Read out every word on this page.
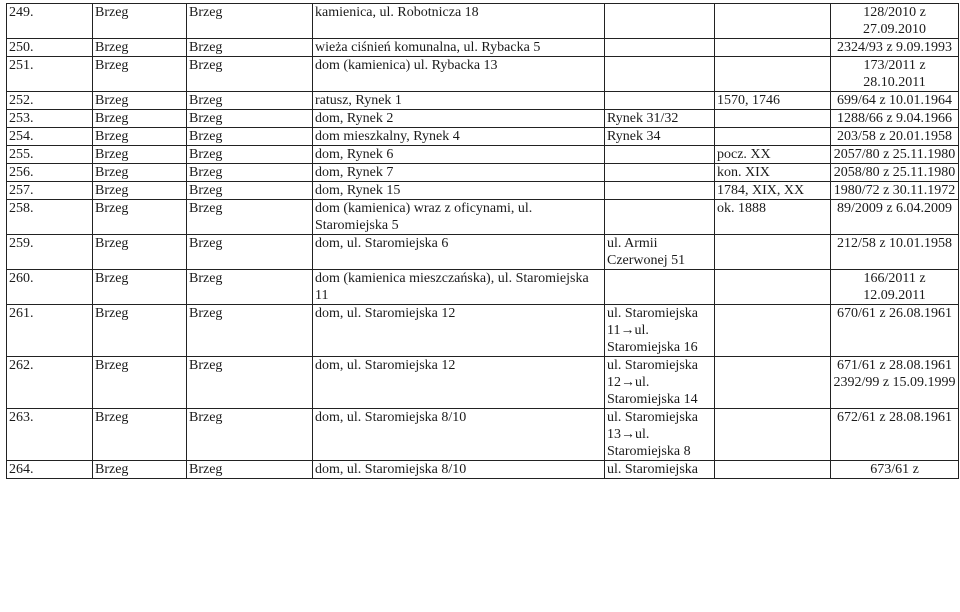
249.	Brzeg	Brzeg	kamienica, ul. Robotnicza 18			128/2010 z 27.09.2010
250.	Brzeg	Brzeg	wieża ciśnień komunalna, ul. Rybacka 5			2324/93 z 9.09.1993
251.	Brzeg	Brzeg	dom (kamienica) ul. Rybacka 13			173/2011 z 28.10.2011
252.	Brzeg	Brzeg	ratusz, Rynek 1		1570, 1746	699/64 z 10.01.1964
253.	Brzeg	Brzeg	dom, Rynek 2	Rynek 31/32		1288/66 z 9.04.1966
254.	Brzeg	Brzeg	dom mieszkalny, Rynek 4	Rynek 34		203/58 z 20.01.1958
255.	Brzeg	Brzeg	dom, Rynek 6		pocz. XX	2057/80 z 25.11.1980
256.	Brzeg	Brzeg	dom, Rynek 7		kon. XIX	2058/80 z 25.11.1980
257.	Brzeg	Brzeg	dom, Rynek 15		1784, XIX, XX	1980/72 z 30.11.1972
258.	Brzeg	Brzeg	dom (kamienica) wraz z oficynami, ul. Staromiejska 5		ok. 1888	89/2009 z 6.04.2009
259.	Brzeg	Brzeg	dom, ul. Staromiejska 6	ul. Armii Czerwonej 51		212/58 z 10.01.1958
260.	Brzeg	Brzeg	dom (kamienica mieszczańska), ul. Staromiejska 11			166/2011 z 12.09.2011
261.	Brzeg	Brzeg	dom, ul. Staromiejska 12	ul. Staromiejska 11→ul. Staromiejska 16		670/61 z 26.08.1961
262.	Brzeg	Brzeg	dom, ul. Staromiejska 12	ul. Staromiejska 12→ul. Staromiejska 14		671/61 z 28.08.1961 2392/99 z 15.09.1999
263.	Brzeg	Brzeg	dom, ul. Staromiejska 8/10	ul. Staromiejska 13→ul. Staromiejska 8		672/61 z 28.08.1961
264.	Brzeg	Brzeg	dom, ul. Staromiejska 8/10	ul. Staromiejska		673/61 z
